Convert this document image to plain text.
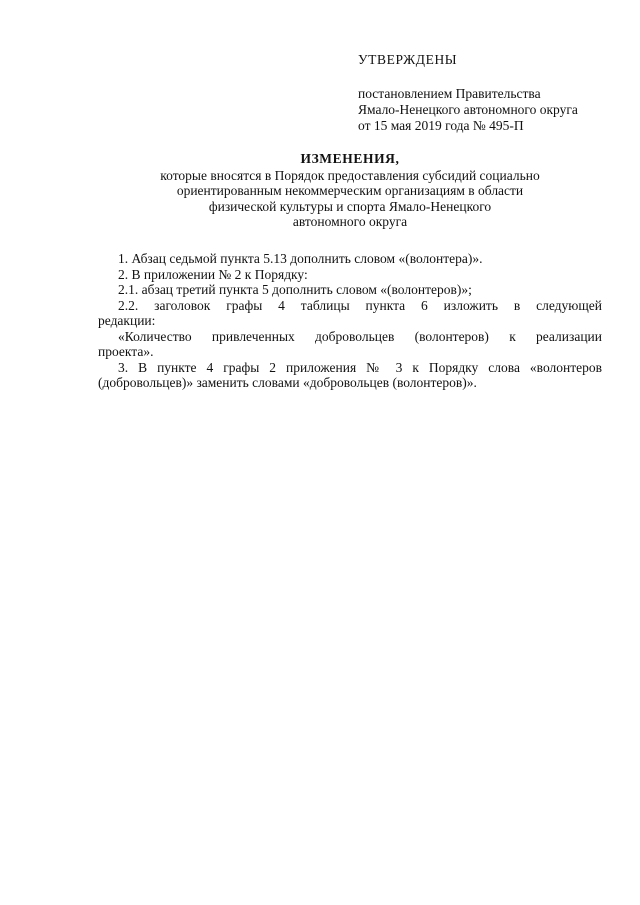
УТВЕРЖДЕНЫ
постановлением Правительства
Ямало-Ненецкого автономного округа
от 15 мая 2019 года № 495-П
ИЗМЕНЕНИЯ,
которые вносятся в Порядок предоставления субсидий социально
ориентированным некоммерческим организациям в области
физической культуры и спорта Ямало-Ненецкого
автономного округа
1. Абзац седьмой пункта 5.13 дополнить словом «(волонтера)».
2. В приложении № 2 к Порядку:
2.1. абзац третий пункта 5 дополнить словом «(волонтеров)»;
2.2. заголовок графы 4 таблицы пункта 6 изложить в следующей
редакции:
«Количество привлеченных добровольцев (волонтеров) к реализации
проекта».
3. В пункте 4 графы 2 приложения № 3 к Порядку слова «волонтеров
(добровольцев)» заменить словами «добровольцев (волонтеров)».
